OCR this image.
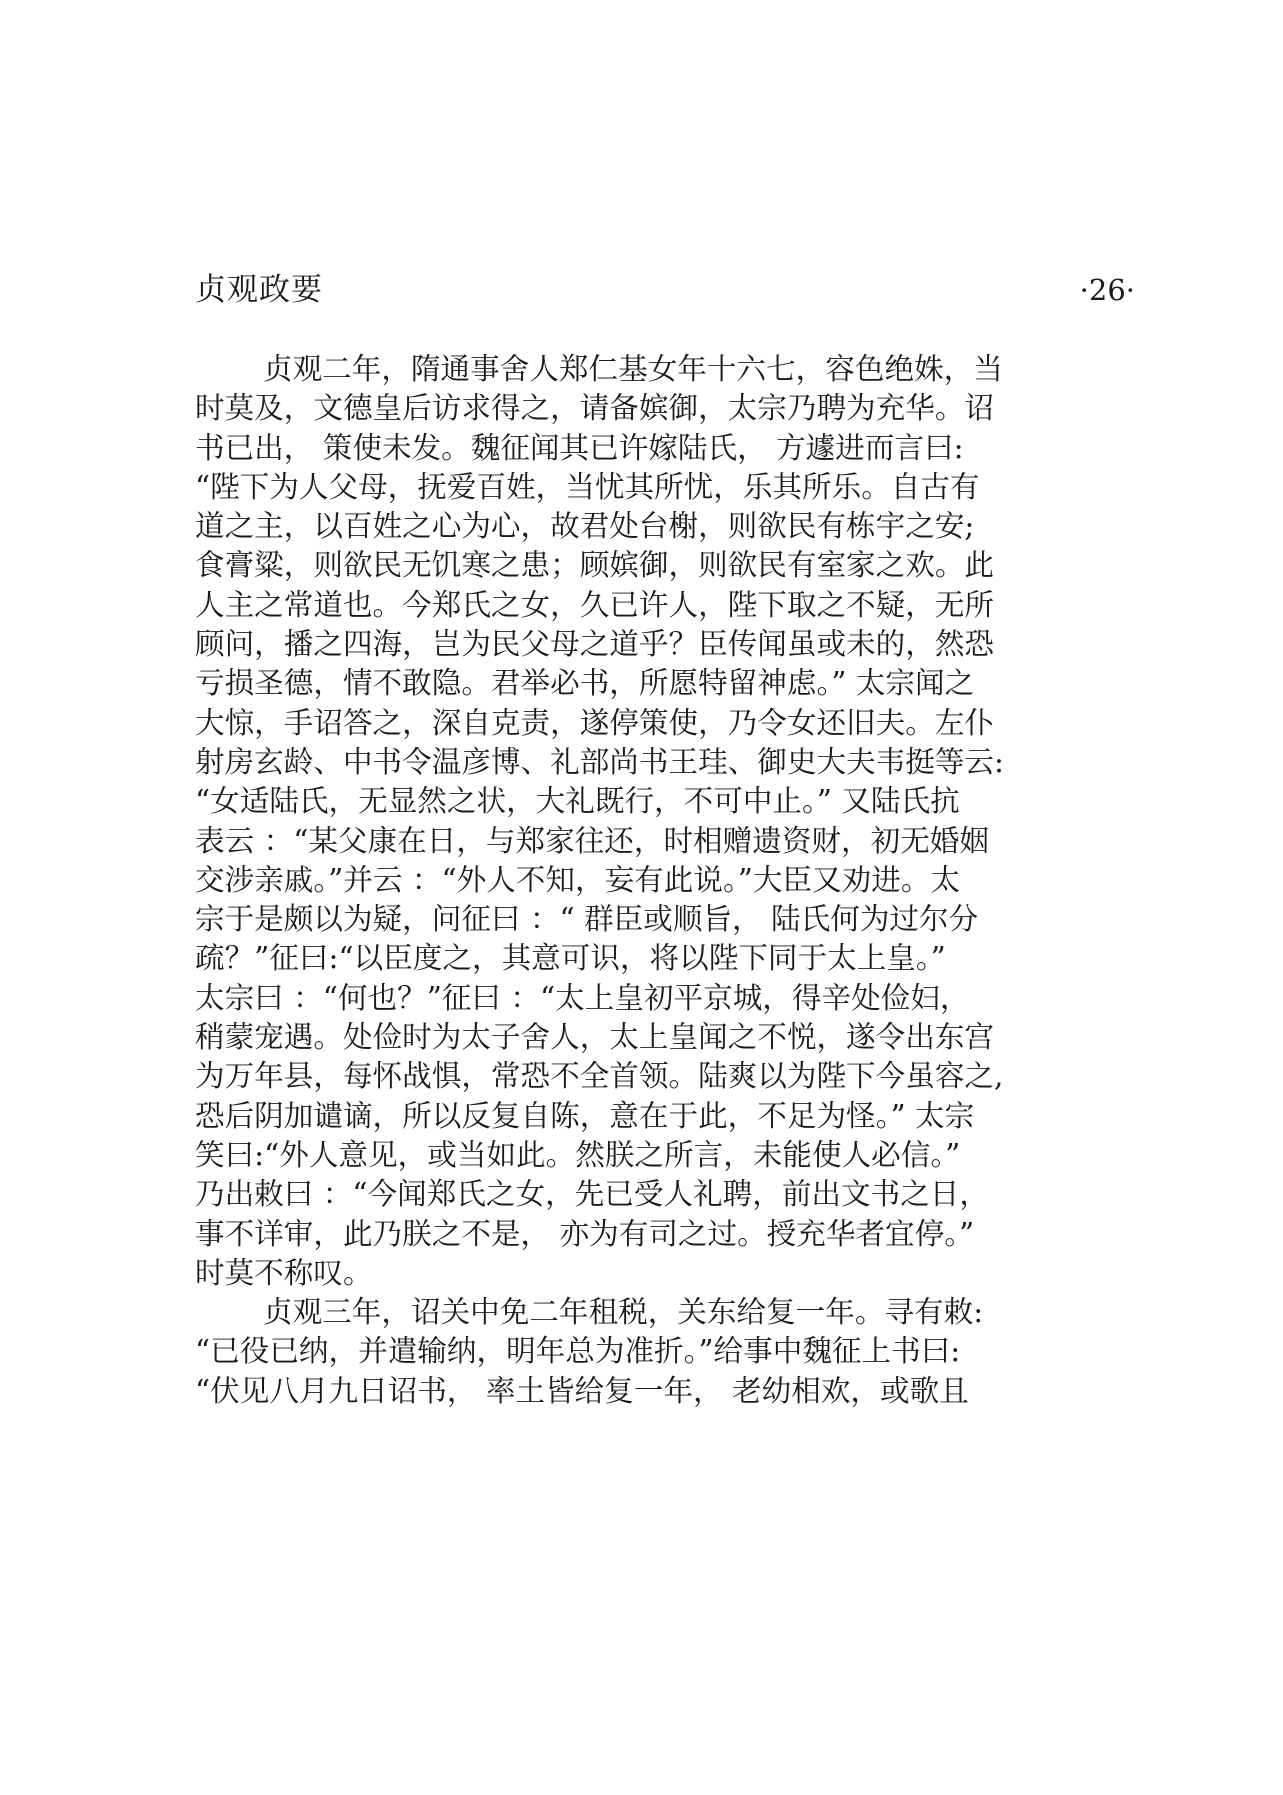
贞观政要	·26·
贞观二年，隋通事舍人郑仁基女年十六七，容色绝姝，当
时莫及，文德皇后访求得之，请备嫔御，太宗乃聘为充华。诏
书已出， 策使未发。魏征闻其已许嫁陆氏， 方遽进而言曰:
“陛下为人父母，抚爱百姓，当忧其所忧，乐其所乐。自古有
道之主，以百姓之心为心，故君处台榭，则欲民有栋宇之安;
食膏粱，则欲民无饥寒之患；顾嫔御，则欲民有室家之欢。此
人主之常道也。今郑氏之女，久已许人，陛下取之不疑，无所
顾问，播之四海，岂为民父母之道乎？臣传闻虽或未的，然恐
亏损圣德，情不敢隐。君举必书，所愿特留神虑。” 太宗闻之
大惊，手诏答之，深自克责，遂停策使，乃令女还旧夫。左仆
射房玄龄、中书令温彦博、礼部尚书王珪、御史大夫韦挺等云:
“女适陆氏，无显然之状，大礼既行，不可中止。” 又陆氏抗
表云 ：“某父康在日，与郑家往还，时相赠遗资财，初无婚姻
交涉亲戚。”并云 ：“外人不知，妄有此说。”大臣又劝进。太
宗于是颇以为疑，问征曰 ：“ 群臣或顺旨， 陆氏何为过尔分
疏？”征曰:“以臣度之，其意可识，将以陛下同于太上皇。”
太宗曰 ：“何也？”征曰 ：“太上皇初平京城，得辛处俭妇，
稍蒙宠遇。处俭时为太子舍人，太上皇闻之不悦，遂令出东宫
为万年县，每怀战惧，常恐不全首领。陆爽以为陛下今虽容之,
恐后阴加谴谪，所以反复自陈，意在于此，不足为怪。” 太宗
笑曰:“外人意见，或当如此。然朕之所言，未能使人必信。”
乃出敕曰 ：“今闻郑氏之女，先已受人礼聘，前出文书之日，
事不详审，此乃朕之不是， 亦为有司之过。授充华者宜停。”
时莫不称叹。
贞观三年，诏关中免二年租税，关东给复一年。寻有敕:
“已役已纳，并遣输纳，明年总为准折。”给事中魏征上书曰:
“伏见八月九日诏书， 率土皆给复一年， 老幼相欢，或歌且
